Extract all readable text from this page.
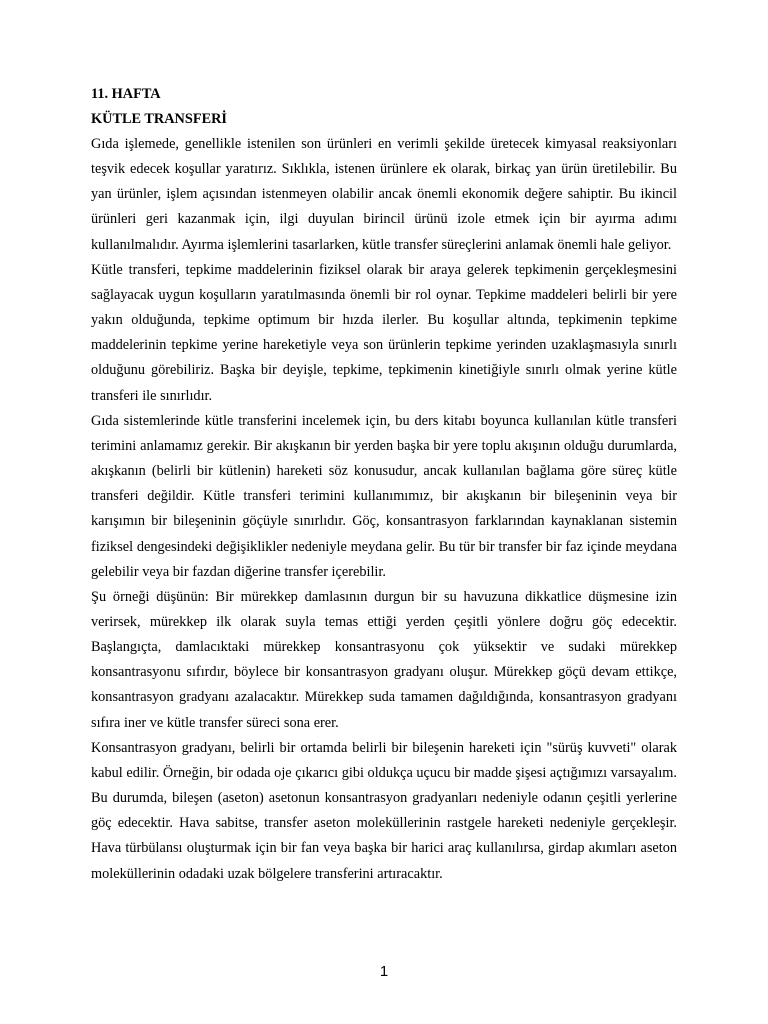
11. HAFTA
KÜTLE TRANSFERİ

Gıda işlemede, genellikle istenilen son ürünleri en verimli şekilde üretecek kimyasal reaksiyonları teşvik edecek koşullar yaratırız. Sıklıkla, istenen ürünlere ek olarak, birkaç yan ürün üretilebilir. Bu yan ürünler, işlem açısından istenmeyen olabilir ancak önemli ekonomik değere sahiptir. Bu ikincil ürünleri geri kazanmak için, ilgi duyulan birincil ürünü izole etmek için bir ayırma adımı kullanılmalıdır. Ayırma işlemlerini tasarlarken, kütle transfer süreçlerini anlamak önemli hale geliyor.

Kütle transferi, tepkime maddelerinin fiziksel olarak bir araya gelerek tepkimenin gerçekleşmesini sağlayacak uygun koşulların yaratılmasında önemli bir rol oynar. Tepkime maddeleri belirli bir yere yakın olduğunda, tepkime optimum bir hızda ilerler. Bu koşullar altında, tepkimenin tepkime maddelerinin tepkime yerine hareketiyle veya son ürünlerin tepkime yerinden uzaklaşmasıyla sınırlı olduğunu görebiliriz. Başka bir deyişle, tepkime, tepkimenin kinetiğiyle sınırlı olmak yerine kütle transferi ile sınırlıdır.

Gıda sistemlerinde kütle transferini incelemek için, bu ders kitabı boyunca kullanılan kütle transferi terimini anlamamız gerekir. Bir akışkanın bir yerden başka bir yere toplu akışının olduğu durumlarda, akışkanın (belirli bir kütlenin) hareketi söz konusudur, ancak kullanılan bağlama göre süreç kütle transferi değildir. Kütle transferi terimini kullanımımız, bir akışkanın bir bileşeninin veya bir karışımın bir bileşeninin göçüyle sınırlıdır. Göç, konsantrasyon farklarından kaynaklanan sistemin fiziksel dengesindeki değişiklikler nedeniyle meydana gelir. Bu tür bir transfer bir faz içinde meydana gelebilir veya bir fazdan diğerine transfer içerebilir.

Şu örneği düşünün: Bir mürekkep damlasının durgun bir su havuzuna dikkatlice düşmesine izin verirsek, mürekkep ilk olarak suyla temas ettiği yerden çeşitli yönlere doğru göç edecektir. Başlangıçta, damlacıktaki mürekkep konsantrasyonu çok yüksektir ve sudaki mürekkep konsantrasyonu sıfırdır, böylece bir konsantrasyon gradyanı oluşur. Mürekkep göçü devam ettikçe, konsantrasyon gradyanı azalacaktır. Mürekkep suda tamamen dağıldığında, konsantrasyon gradyanı sıfıra iner ve kütle transfer süreci sona erer.

Konsantrasyon gradyanı, belirli bir ortamda belirli bir bileşenin hareketi için "sürüş kuvveti" olarak kabul edilir. Örneğin, bir odada oje çıkarıcı gibi oldukça uçucu bir madde şişesi açtığımızı varsayalım. Bu durumda, bileşen (aseton) asetonun konsantrasyon gradyanları nedeniyle odanın çeşitli yerlerine göç edecektir. Hava sabitse, transfer aseton moleküllerinin rastgele hareketi nedeniyle gerçekleşir. Hava türbülansı oluşturmak için bir fan veya başka bir harici araç kullanılırsa, girdap akımları aseton moleküllerinin odadaki uzak bölgelere transferini artıracaktır.

1
